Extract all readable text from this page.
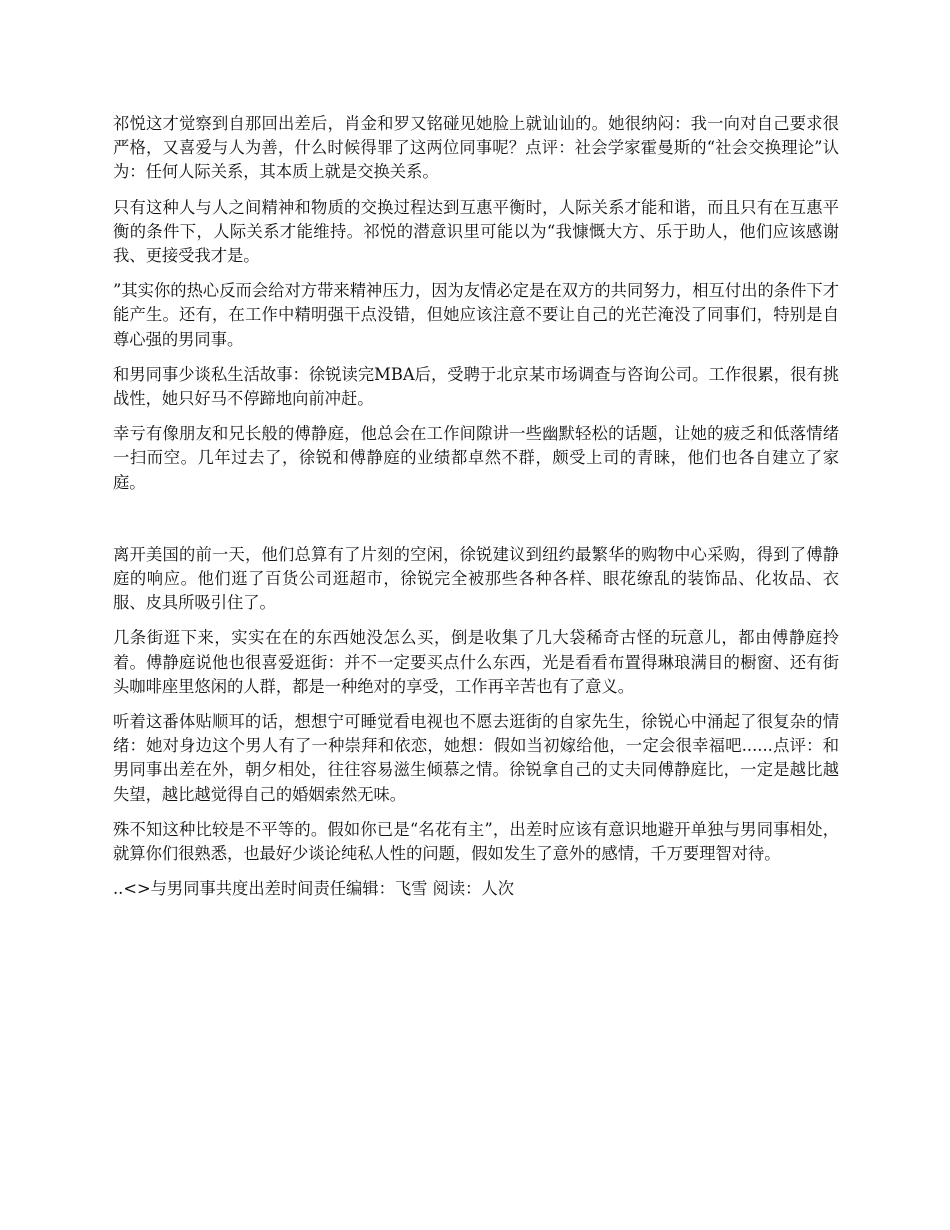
祁悦这才觉察到自那回出差后，肖金和罗又铭碰见她脸上就讪讪的。她很纳闷：我一向对自己要求很严格，又喜爱与人为善，什么时候得罪了这两位同事呢？点评：社会学家霍曼斯的“社会交换理论”认为：任何人际关系，其本质上就是交换关系。

只有这种人与人之间精神和物质的交换过程达到互惠平衡时，人际关系才能和谐，而且只有在互惠平衡的条件下，人际关系才能维持。祁悦的潜意识里可能以为“我慷慨大方、乐于助人，他们应该感谢我、更接受我才是。

”其实你的热心反而会给对方带来精神压力，因为友情必定是在双方的共同努力，相互付出的条件下才能产生。还有，在工作中精明强干点没错，但她应该注意不要让自己的光芒淹没了同事们，特别是自尊心强的男同事。

和男同事少谈私生活故事：徐锐读完MBA后，受聘于北京某市场调查与咨询公司。工作很累，很有挑战性，她只好马不停蹄地向前冲赶。

幸亏有像朋友和兄长般的傅静庭，他总会在工作间隙讲一些幽默轻松的话题，让她的疲乏和低落情绪一扫而空。几年过去了，徐锐和傅静庭的业绩都卓然不群，颇受上司的青睐，他们也各自建立了家庭。

离开美国的前一天，他们总算有了片刻的空闲，徐锐建议到纽约最繁华的购物中心采购，得到了傅静庭的响应。他们逛了百货公司逛超市，徐锐完全被那些各种各样、眼花缭乱的装饰品、化妆品、衣服、皮具所吸引住了。

几条街逛下来，实实在在的东西她没怎么买，倒是收集了几大袋稀奇古怪的玩意儿，都由傅静庭拎着。傅静庭说他也很喜爱逛街：并不一定要买点什么东西，光是看看布置得琳琅满目的橱窗、还有街头咖啡座里悠闲的人群，都是一种绝对的享受，工作再辛苦也有了意义。

听着这番体贴顺耳的话，想想宁可睡觉看电视也不愿去逛街的自家先生，徐锐心中涌起了很复杂的情绪：她对身边这个男人有了一种崇拜和依恋，她想：假如当初嫁给他，一定会很幸福吧......点评：和男同事出差在外，朝夕相处，往往容易滋生倾慕之情。徐锐拿自己的丈夫同傅静庭比，一定是越比越失望，越比越觉得自己的婚姻索然无味。

殊不知这种比较是不平等的。假如你已是“名花有主”，出差时应该有意识地避开单独与男同事相处，就算你们很熟悉，也最好少谈论纯私人性的问题，假如发生了意外的感情，千万要理智对待。

..<>与男同事共度出差时间责任编辑：飞雪 阅读：人次
